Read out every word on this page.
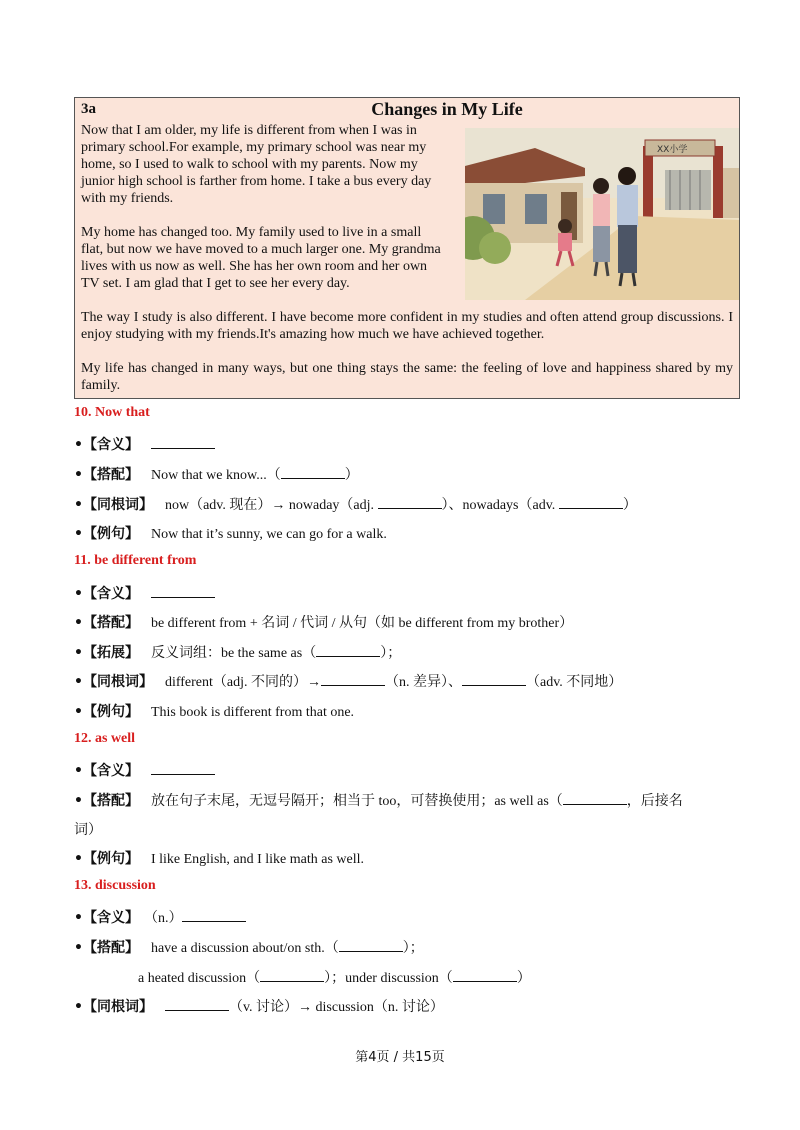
3a	Changes in My Life
XX小学

Now that I am older, my life is different from when I was in
primary school.For example, my primary school was near my
home, so I used to walk to school with my parents. Now my
junior high school is farther from home. I take a bus every day
with my friends.

My home has changed too. My family used to live in a small
flat, but now we have moved to a much larger one. My grandma
lives with us now as well. She has her own room and her own
TV set. I am glad that I get to see her every day.

The way I study is also different. I have become more confident in my studies and often attend group discussions. I enjoy studying with my friends.It's amazing how much we have achieved together.

My life has changed in many ways, but one thing stays the same: the feeling of love and happiness shared by my family.

10. Now that
•【含义】
•【搭配】 Now that we know...（	）
•【同根词】 now（adv. 现在）→ nowaday（adj.	）、nowadays（adv.	）
•【例句】 Now that it’s sunny, we can go for a walk.
11. be different from
•【含义】
•【搭配】 be different from + 名词 / 代词 / 从句（如 be different from my brother）
•【拓展】 反义词组：be the same as（	）；
•【同根词】 different（adj. 不同的）→	（n. 差异）、	（adv. 不同地）
•【例句】 This book is different from that one.
12. as well
•【含义】
•【搭配】 放在句子末尾，无逗号隔开；相当于 too，可替换使用；as well as（	，后接名
词）
•【例句】 I like English, and I like math as well.
13. discussion
•【含义】 （n.）
•【搭配】 have a discussion about/on sth.（	）；
a heated discussion（	）；under discussion（	）
•【同根词】	（v. 讨论）→ discussion（n. 讨论）
第4页 / 共15页
